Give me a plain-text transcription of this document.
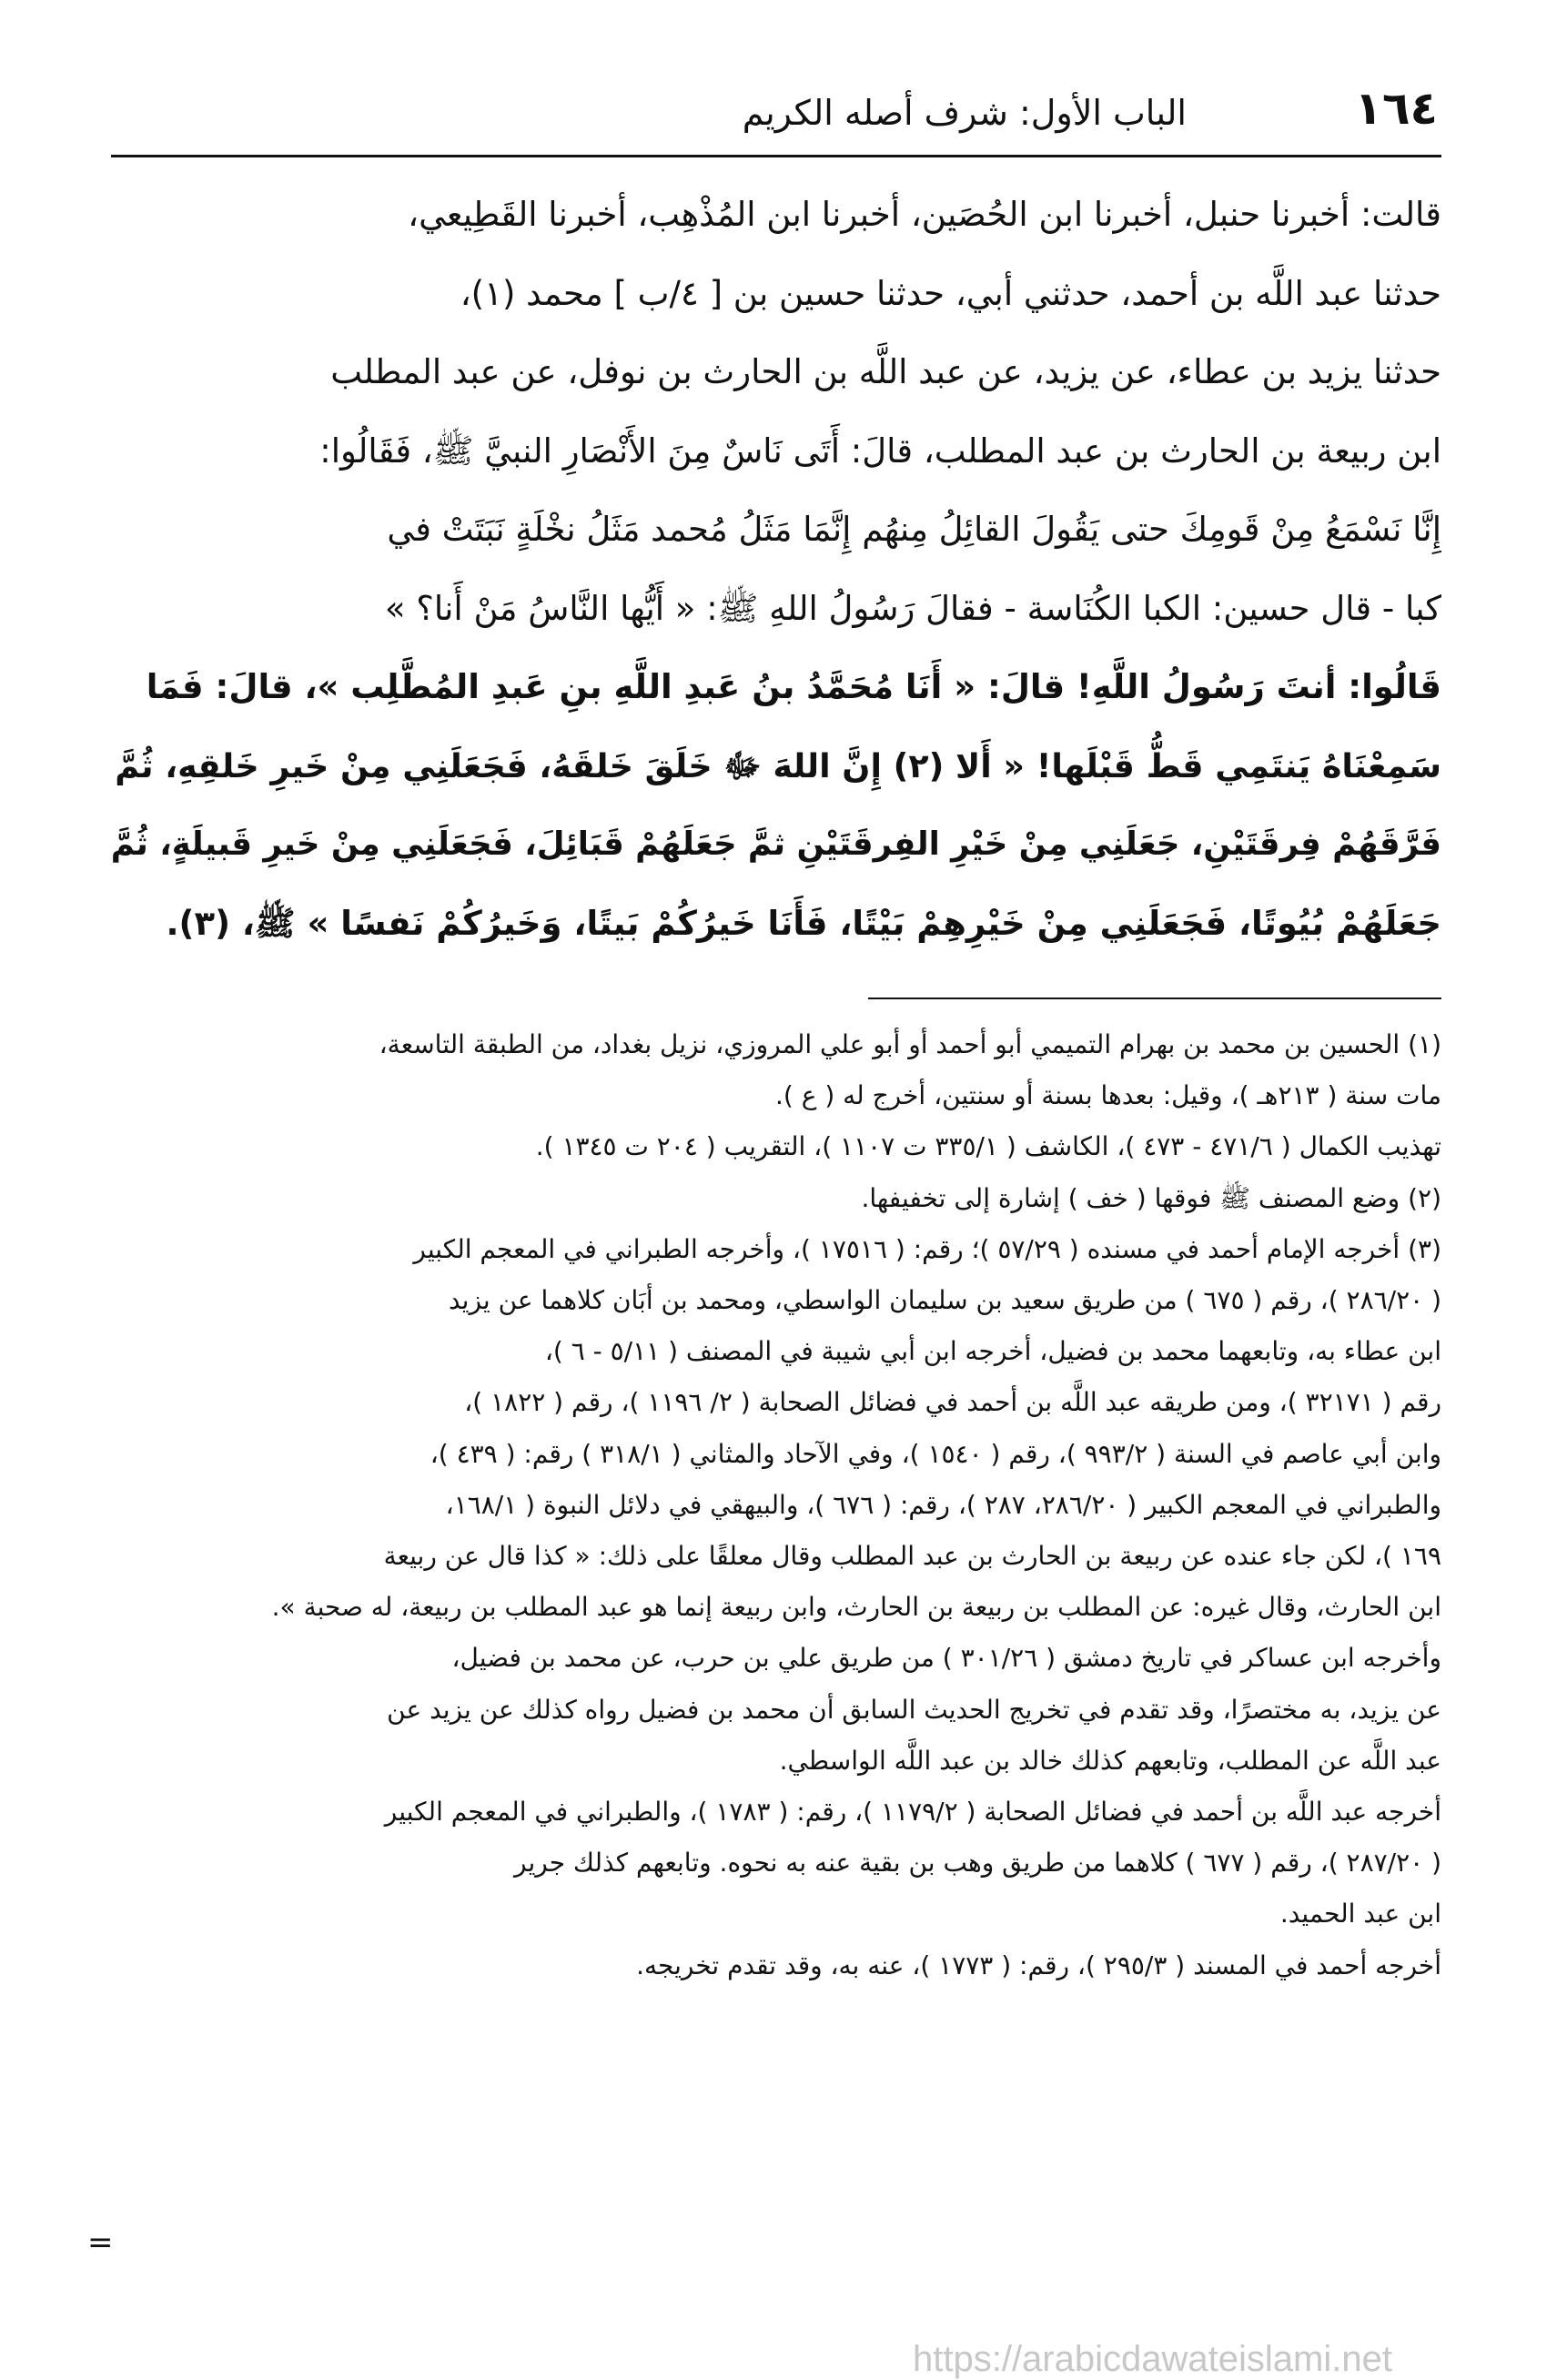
١٦٤
الباب الأول: شرف أصله الكريم
قالت: أخبرنا حنبل، أخبرنا ابن الحُصَين، أخبرنا ابن المُذْهِب، أخبرنا القَطِيعي،
حدثنا عبد اللَّه بن أحمد، حدثني أبي، حدثنا حسين بن [ ٤/ب ] محمد (١)،
حدثنا يزيد بن عطاء، عن يزيد، عن عبد اللَّه بن الحارث بن نوفل، عن عبد المطلب
ابن ربيعة بن الحارث بن عبد المطلب، قالَ: أَتَى نَاسٌ مِنَ الأَنْصَارِ النبيَّ ﷺ، فَقَالُوا:
إِنَّا نَسْمَعُ مِنْ قَومِكَ حتى يَقُولَ القائِلُ مِنهُم إِنَّمَا مَثَلُ مُحمد مَثَلُ نخْلَةٍ نَبَتَتْ في
كبا - قال حسين: الكبا الكُنَاسة - فقالَ رَسُولُ اللهِ ﷺ: « أَيُّها النَّاسُ مَنْ أَنا؟ »
قَالُوا: أنتَ رَسُولُ اللَّهِ! قالَ: « أَنَا مُحَمَّدُ بنُ عَبدِ اللَّهِ بنِ عَبدِ المُطَّلِب »، قالَ: فَمَا
سَمِعْنَاهُ يَنتَمِي قَطُّ قَبْلَها! « أَلا (٢) إِنَّ اللهَ ﷻ خَلَقَ خَلقَهُ، فَجَعَلَنِي مِنْ خَيرِ خَلقِهِ، ثُمَّ
فَرَّقَهُمْ فِرقَتَيْنِ، جَعَلَنِي مِنْ خَيْرِ الفِرقَتَيْنِ ثمَّ جَعَلَهُمْ قَبَائِلَ، فَجَعَلَنِي مِنْ خَيرِ قَبيلَةٍ، ثُمَّ
جَعَلَهُمْ بُيُوتًا، فَجَعَلَنِي مِنْ خَيْرِهِمْ بَيْتًا، فَأَنَا خَيرُكُمْ بَيتًا، وَخَيرُكُمْ نَفسًا » ﷺ، (٣).
(١) الحسين بن محمد بن بهرام التميمي أبو أحمد أو أبو علي المروزي، نزيل بغداد، من الطبقة التاسعة،
مات سنة ( ٢١٣هـ )، وقيل: بعدها بسنة أو سنتين، أخرج له ( ع ).
تهذيب الكمال ( ٤٧١/٦ - ٤٧٣ )، الكاشف ( ٣٣٥/١ ت ١١٠٧ )، التقريب ( ٢٠٤ ت ١٣٤٥ ).
(٢) وضع المصنف ﷺ فوقها ( خف ) إشارة إلى تخفيفها.
(٣) أخرجه الإمام أحمد في مسنده ( ٥٧/٢٩ )؛ رقم: ( ١٧٥١٦ )، وأخرجه الطبراني في المعجم الكبير
( ٢٨٦/٢٠ )، رقم ( ٦٧٥ ) من طريق سعيد بن سليمان الواسطي، ومحمد بن أبَان كلاهما عن يزيد
ابن عطاء به، وتابعهما محمد بن فضيل، أخرجه ابن أبي شيبة في المصنف ( ٥/١١ - ٦ )،
رقم ( ٣٢١٧١ )، ومن طريقه عبد اللَّه بن أحمد في فضائل الصحابة ( ٢/ ١١٩٦ )، رقم ( ١٨٢٢ )،
وابن أبي عاصم في السنة ( ٩٩٣/٢ )، رقم ( ١٥٤٠ )، وفي الآحاد والمثاني ( ٣١٨/١ ) رقم: ( ٤٣٩ )،
والطبراني في المعجم الكبير ( ٢٨٦/٢٠، ٢٨٧ )، رقم: ( ٦٧٦ )، والبيهقي في دلائل النبوة ( ١٦٨/١،
١٦٩ )، لكن جاء عنده عن ربيعة بن الحارث بن عبد المطلب وقال معلقًا على ذلك: « كذا قال عن ربيعة
ابن الحارث، وقال غيره: عن المطلب بن ربيعة بن الحارث، وابن ربيعة إنما هو عبد المطلب بن ربيعة، له صحبة ».
وأخرجه ابن عساكر في تاريخ دمشق ( ٣٠١/٢٦ ) من طريق علي بن حرب، عن محمد بن فضيل،
عن يزيد، به مختصرًا، وقد تقدم في تخريج الحديث السابق أن محمد بن فضيل رواه كذلك عن يزيد عن
عبد اللَّه عن المطلب، وتابعهم كذلك خالد بن عبد اللَّه الواسطي.
أخرجه عبد اللَّه بن أحمد في فضائل الصحابة ( ١١٧٩/٢ )، رقم: ( ١٧٨٣ )، والطبراني في المعجم الكبير
( ٢٨٧/٢٠ )، رقم ( ٦٧٧ ) كلاهما من طريق وهب بن بقية عنه به نحوه. وتابعهم كذلك جرير
ابن عبد الحميد.
أخرجه أحمد في المسند ( ٢٩٥/٣ )، رقم: ( ١٧٧٣ )، عنه به، وقد تقدم تخريجه.
=
https://arabicdawateislami.net
